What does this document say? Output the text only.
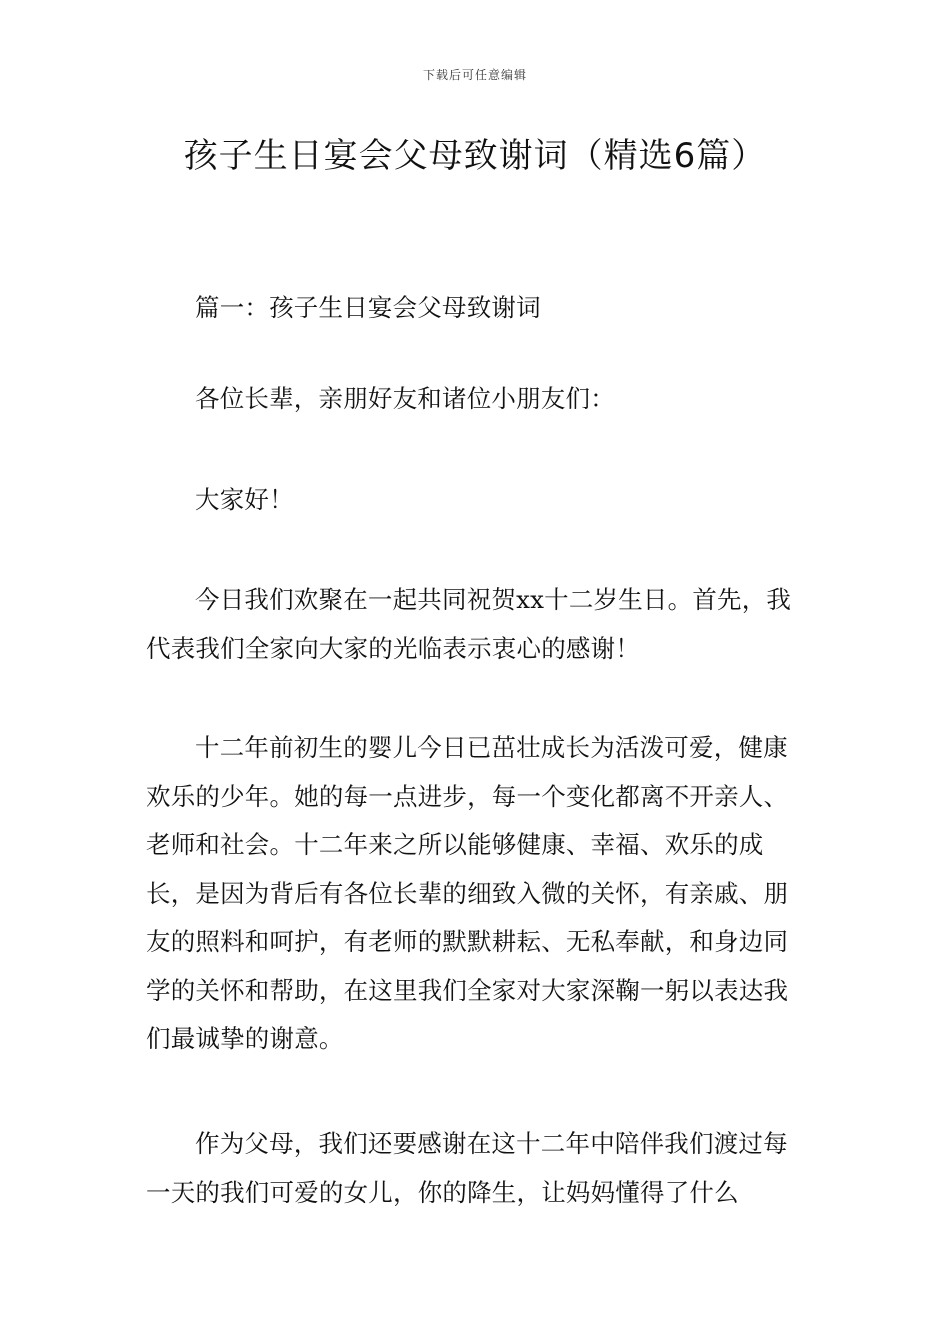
下载后可任意编辑
孩子生日宴会父母致谢词（精选6篇）

篇一：孩子生日宴会父母致谢词

各位长辈，亲朋好友和诸位小朋友们：

大家好！

今日我们欢聚在一起共同祝贺xx十二岁生日。首先，我代表我们全家向大家的光临表示衷心的感谢！

十二年前初生的婴儿今日已茁壮成长为活泼可爱，健康欢乐的少年。她的每一点进步，每一个变化都离不开亲人、老师和社会。十二年来之所以能够健康、幸福、欢乐的成长，是因为背后有各位长辈的细致入微的关怀，有亲戚、朋友的照料和呵护，有老师的默默耕耘、无私奉献，和身边同学的关怀和帮助，在这里我们全家对大家深鞠一躬以表达我们最诚挚的谢意。

作为父母，我们还要感谢在这十二年中陪伴我们渡过每一天的我们可爱的女儿，你的降生，让妈妈懂得了什么
